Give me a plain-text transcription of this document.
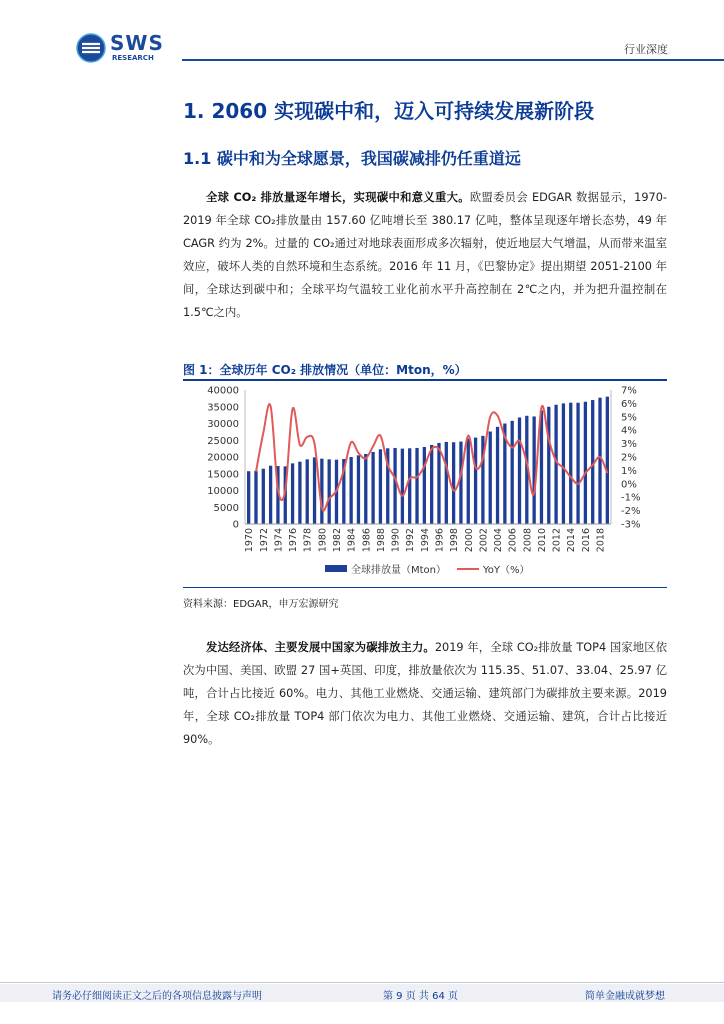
SWS
RESEARCH
行业深度
1. 2060 实现碳中和，迈入可持续发展新阶段
1.1 碳中和为全球愿景，我国碳减排仍任重道远
全球 CO₂ 排放量逐年增长，实现碳中和意义重大。欧盟委员会 EDGAR 数据显示，1970-2019 年全球 CO₂排放量由 157.60 亿吨增长至 380.17 亿吨，整体呈现逐年增长态势，49 年 CAGR 约为 2%。过量的 CO₂通过对地球表面形成多次辐射，使近地层大气增温，从而带来温室效应，破坏人类的自然环境和生态系统。2016 年 11 月，《巴黎协定》提出期望 2051-2100 年间，全球达到碳中和；全球平均气温较工业化前水平升高控制在 2℃之内，并为把升温控制在 1.5℃之内。
图 1：全球历年 CO₂ 排放情况（单位：Mton，%）
0
5000
10000
15000
20000
25000
30000
35000
40000
-3%
-2%
-1%
0%
1%
2%
3%
4%
5%
6%
7%
1970 1972 1974 1976 1978 1980 1982 1984 1986 1988 1990 1992 1994 1996 1998 2000 2002 2004 2006 2008 2010 2012 2014 2016 2018
全球排放量（Mton）	YoY（%）
资料来源：EDGAR，申万宏源研究
发达经济体、主要发展中国家为碳排放主力。2019 年，全球 CO₂排放量 TOP4 国家地区依次为中国、美国、欧盟 27 国+英国、印度，排放量依次为 115.35、51.07、33.04、25.97 亿吨，合计占比接近 60%。电力、其他工业燃烧、交通运输、建筑部门为碳排放主要来源。2019 年，全球 CO₂排放量 TOP4 部门依次为电力、其他工业燃烧、交通运输、建筑，合计占比接近 90%。
请务必仔细阅读正文之后的各项信息披露与声明	第 9 页 共 64 页	简单金融成就梦想
